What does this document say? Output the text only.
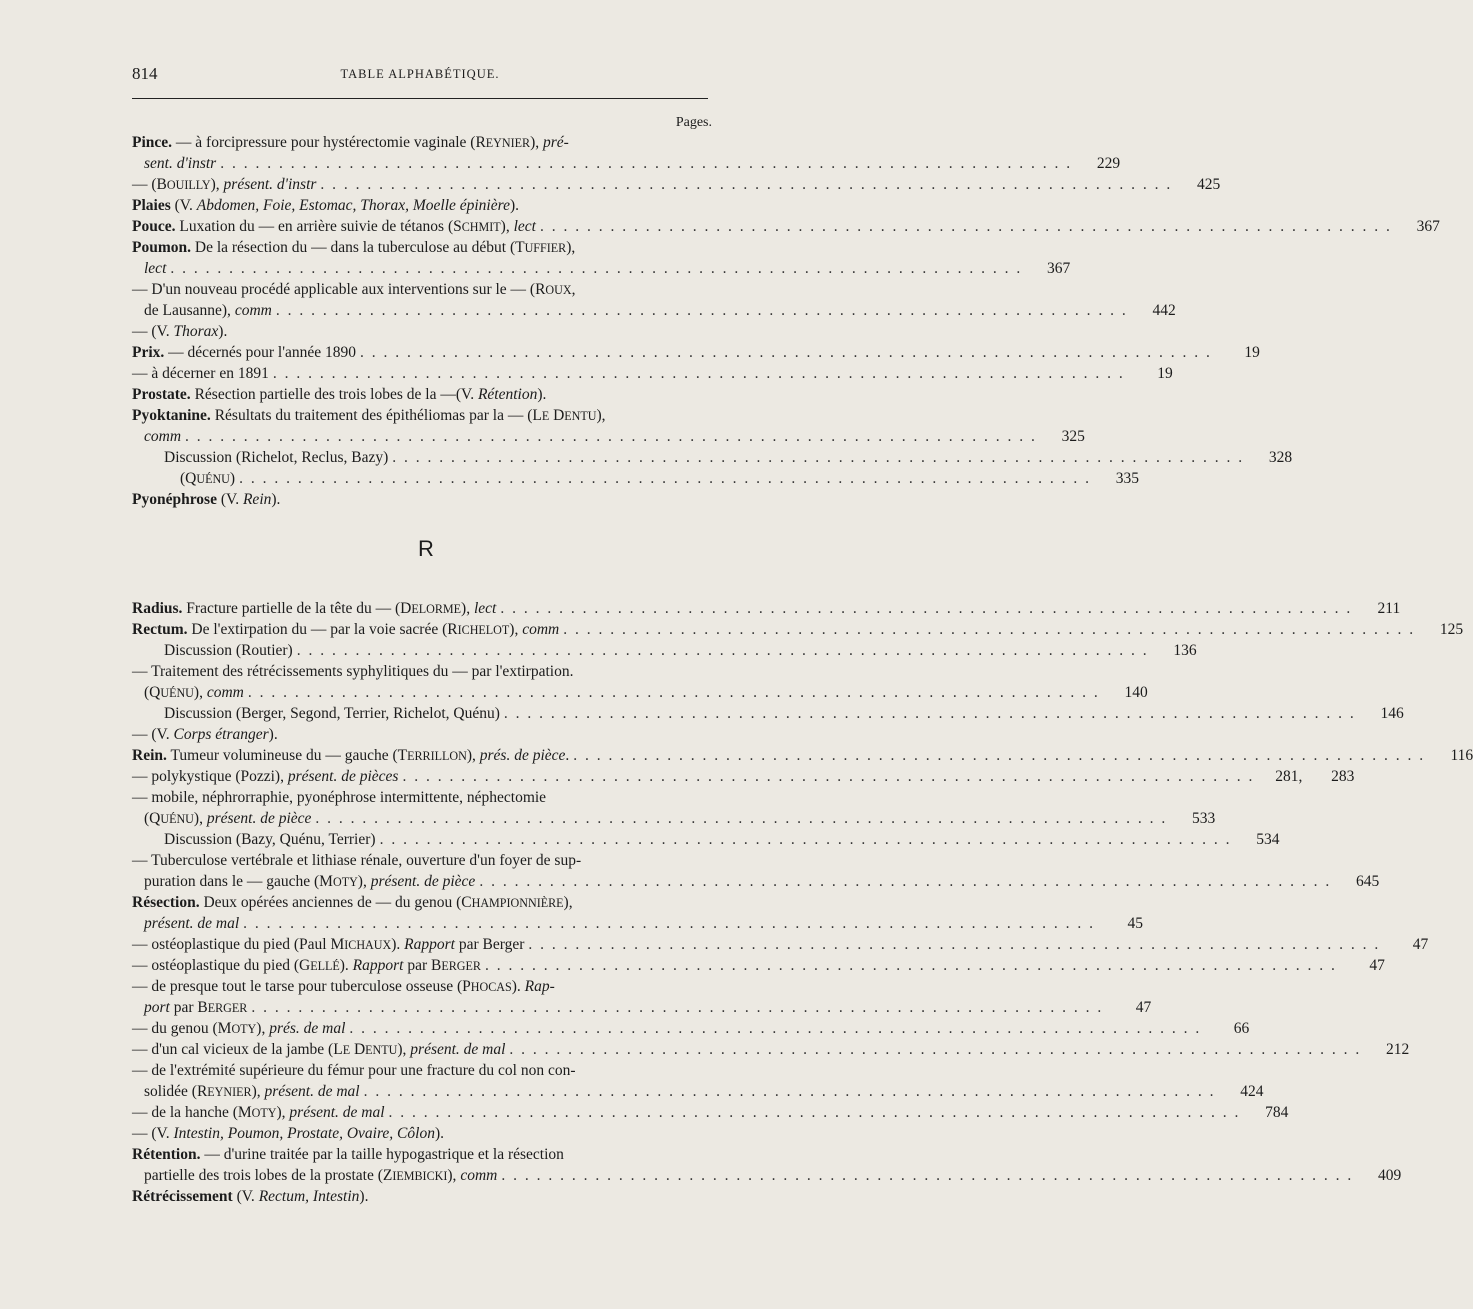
814	TABLE ALPHABÉTIQUE.
Pages.
Pince. — à forcipressure pour hystérectomie vaginale (REYNIER), pré-
sent. d'instr . . .	229
— (BOUILLY), présent. d'instr . . .	425
Plaies (V. Abdomen, Foie, Estomac, Thorax, Moelle épinière).
Pouce. Luxation du — en arrière suivie de tétanos (SCHMIT), lect . . .	367
Poumon. De la résection du — dans la tuberculose au début (TUFFIER),
lect . . .	367
— D'un nouveau procédé applicable aux interventions sur le — (ROUX,
de Lausanne), comm . . .	442
— (V. Thorax).
Prix. — décernés pour l'année 1890 . . .	19
— à décerner en 1891 . . .	19
Prostate. Résection partielle des trois lobes de la —(V. Rétention).
Pyoktanine. Résultats du traitement des épithéliomas par la — (LE DENTU),
comm . . .	325
Discussion (Richelot, Reclus, Bazy) . . .	328
(QUÉNU) . . .	335
Pyonéphrose (V. Rein).
R
Radius. Fracture partielle de la tête du — (DELORME), lect . . .	211
Rectum. De l'extirpation du — par la voie sacrée (RICHELOT), comm . . .	125
Discussion (Routier) . . .	136
— Traitement des rétrécissements syphylitiques du — par l'extirpation.
(QUÉNU), comm . . .	140
Discussion (Berger, Segond, Terrier, Richelot, Quénu) . . .	146
— (V. Corps étranger).
Rein. Tumeur volumineuse du — gauche (TERRILLON), prés. de pièce. . . .	116
— polykystique (Pozzi), présent. de pièces . . .	281,	283
— mobile, néphrorraphie, pyonéphrose intermittente, néphectomie
(QUÉNU), présent. de pièce . . .	533
Discussion (Bazy, Quénu, Terrier) . . .	534
— Tuberculose vertébrale et lithiase rénale, ouverture d'un foyer de sup-
puration dans le — gauche (MOTY), présent. de pièce . . .	645
Résection. Deux opérées anciennes de — du genou (CHAMPIONNIÈRE),
présent. de mal . . .	45
— ostéoplastique du pied (Paul MICHAUX). Rapport par Berger . . .	47
— ostéoplastique du pied (GELLÉ). Rapport par BERGER . . .	47
— de presque tout le tarse pour tuberculose osseuse (PHOCAS). Rap-
port par BERGER . . .	47
— du genou (MOTY), prés. de mal . . .	66
— d'un cal vicieux de la jambe (LE DENTU), présent. de mal . . .	212
— de l'extrémité supérieure du fémur pour une fracture du col non con-
solidée (REYNIER), présent. de mal . . .	424
— de la hanche (MOTY), présent. de mal . . .	784
— (V. Intestin, Poumon, Prostate, Ovaire, Côlon).
Rétention. — d'urine traitée par la taille hypogastrique et la résection
partielle des trois lobes de la prostate (ZIEMBICKI), comm . . .	409
Rétrécissement (V. Rectum, Intestin).
